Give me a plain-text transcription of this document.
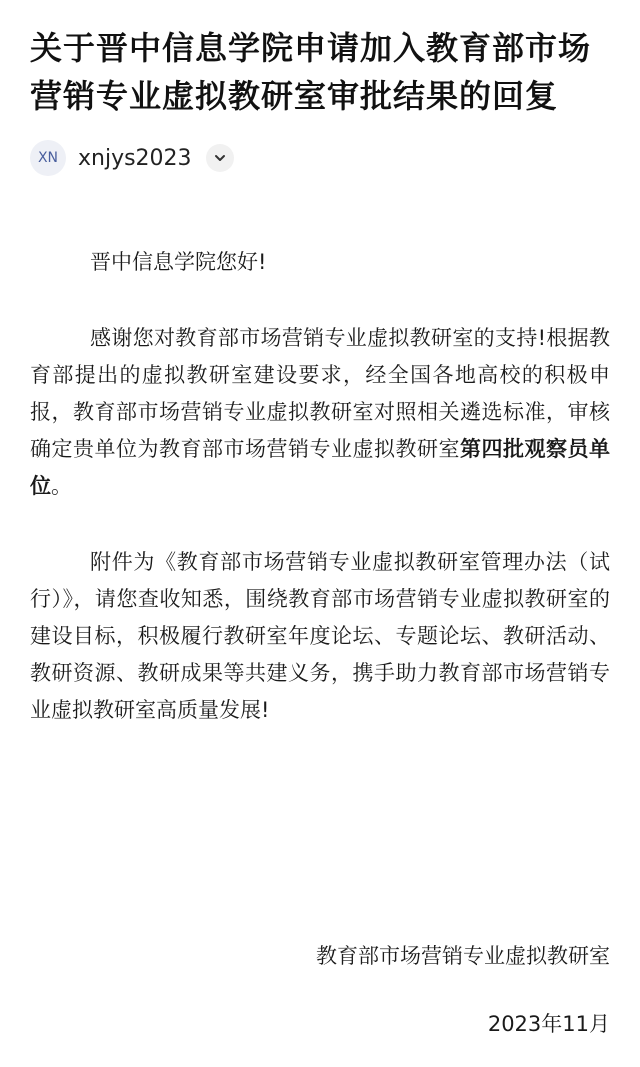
关于晋中信息学院申请加入教育部市场营销专业虚拟教研室审批结果的回复
XN xnjys2023
晋中信息学院您好!

感谢您对教育部市场营销专业虚拟教研室的支持!根据教育部提出的虚拟教研室建设要求，经全国各地高校的积极申报，教育部市场营销专业虚拟教研室对照相关遴选标准，审核确定贵单位为教育部市场营销专业虚拟教研室第四批观察员单位。

附件为《教育部市场营销专业虚拟教研室管理办法（试行）》，请您查收知悉，围绕教育部市场营销专业虚拟教研室的建设目标，积极履行教研室年度论坛、专题论坛、教研活动、教研资源、教研成果等共建义务，携手助力教育部市场营销专业虚拟教研室高质量发展!

教育部市场营销专业虚拟教研室
2023年11月
